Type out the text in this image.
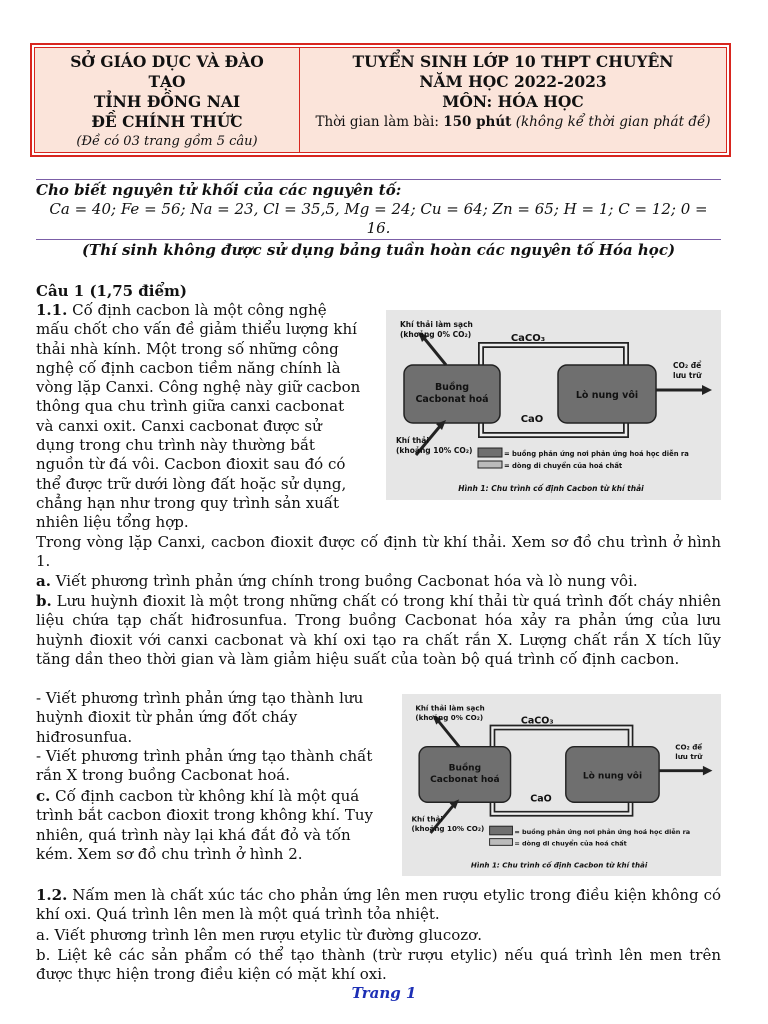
SỞ GIÁO DỤC VÀ ĐÀO
TẠO
TỈNH ĐỒNG NAI
ĐỀ CHÍNH THỨC
(Đề có 03 trang gồm 5 câu)
TUYỂN SINH LỚP 10 THPT CHUYÊN
NĂM HỌC 2022-2023
MÔN: HÓA HỌC
Thời gian làm bài: 150 phút (không kể thời gian phát đề)
Cho biết nguyên tử khối của các nguyên tố:
Ca = 40; Fe = 56; Na = 23, Cl = 35,5, Mg = 24; Cu = 64; Zn = 65; H = 1; C = 12; 0 =
16.
(Thí sinh không được sử dụng bảng tuần hoàn các nguyên tố Hóa học)
Câu 1 (1,75 điểm)
1.1. Cố định cacbon là một công nghệ
mấu chốt cho vấn đề giảm thiểu lượng khí
thải nhà kính. Một trong số những công
nghệ cố định cacbon tiềm năng chính là
vòng lặp Canxi. Công nghệ này giữ cacbon
thông qua chu trình giữa canxi cacbonat
và canxi oxit. Canxi cacbonat được sử
dụng trong chu trình này thường bắt
nguồn từ đá vôi. Cacbon đioxit sau đó có
thể được trữ dưới lòng đất hoặc sử dụng,
chẳng hạn như trong quy trình sản xuất
nhiên liệu tổng hợp.
Buồng
Cacbonat hoá	Lò nung vôi
CaCO₃
CaO
Khí thải làm sạch
(khoảng 0% CO₂)
CO₂ để
lưu trữ
Khí thải
(khoảng 10% CO₂)	= buồng phản ứng nơi phản ứng hoá học diễn ra
= dòng di chuyển của hoá chất
Hình 1: Chu trình cố định Cacbon từ khí thải
Trong vòng lặp Canxi, cacbon đioxit được cố định từ khí thải. Xem sơ đồ chu trình ở hình 1.
a. Viết phương trình phản ứng chính trong buồng Cacbonat hóa và lò nung vôi.
b. Lưu huỳnh đioxit là một trong những chất có trong khí thải từ quá trình đốt cháy nhiên liệu chứa tạp chất hiđrosunfua. Trong buồng Cacbonat hóa xảy ra phản ứng của lưu huỳnh đioxit với canxi cacbonat và khí oxi tạo ra chất rắn X. Lượng chất rắn X tích lũy tăng dần theo thời gian và làm giảm hiệu suất của toàn bộ quá trình cố định cacbon.
- Viết phương trình phản ứng tạo thành lưu
huỳnh đioxit từ phản ứng đốt cháy
hiđrosunfua.
- Viết phương trình phản ứng tạo thành chất
rắn X trong buồng Cacbonat hoá.
c. Cố định cacbon từ không khí là một quá
trình bắt cacbon đioxit trong không khí. Tuy
nhiên, quá trình này lại khá đắt đỏ và tốn
kém. Xem sơ đồ chu trình ở hình 2.
Buồng
Cacbonat hoá	Lò nung vôi
CaCO₃
CaO
Khí thải làm sạch
(khoảng 0% CO₂)
CO₂ để
lưu trữ
Khí thải
(khoảng 10% CO₂)	= buồng phản ứng nơi phản ứng hoá học diễn ra
= dòng di chuyển của hoá chất
Hình 1: Chu trình cố định Cacbon từ khí thải
1.2. Nấm men là chất xúc tác cho phản ứng lên men rượu etylic trong điều kiện không có khí oxi. Quá trình lên men là một quá trình tỏa nhiệt.
a. Viết phương trình lên men rượu etylic từ đường glucozơ.
b. Liệt kê các sản phẩm có thể tạo thành (trừ rượu etylic) nếu quá trình lên men trên được thực hiện trong điều kiện có mặt khí oxi.
Trang 1
